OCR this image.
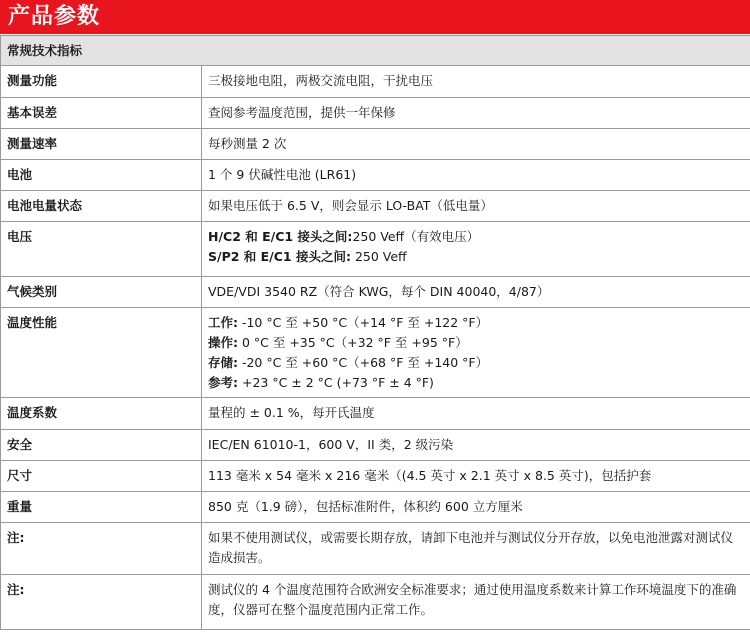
产品参数
常规技术指标	
测量功能	三极接地电阻，两极交流电阻，干扰电压
基本误差	查阅参考温度范围，提供一年保修
测量速率	每秒测量 2 次
电池	1 个 9 伏碱性电池 (LR61)
电池电量状态	如果电压低于 6.5 V，则会显示 LO-BAT（低电量）
电压	H/C2 和 E/C1 接头之间:250 Veff（有效电压）
S/P2 和 E/C1 接头之间: 250 Veff

气候类别	VDE/VDI 3540 RZ（符合 KWG，每个 DIN 40040，4/87）
温度性能	工作: -10 °C 至 +50 °C（+14 °F 至 +122 °F）
操作: 0 °C 至 +35 °C（+32 °F 至 +95 °F）
存储: -20 °C 至 +60 °C（+68 °F 至 +140 °F）
参考: +23 °C ± 2 °C (+73 °F ± 4 °F)

温度系数	量程的 ± 0.1 %，每开氏温度
安全	IEC/EN 61010-1，600 V，II 类，2 级污染
尺寸	113 毫米 x 54 毫米 x 216 毫米（(4.5 英寸 x 2.1 英寸 x 8.5 英寸)，包括护套
重量	850 克（1.9 磅），包括标准附件，体积约 600 立方厘米
注:	如果不使用测试仪，或需要长期存放，请卸下电池并与测试仪分开存放，以免电池泄露对测试仪造成损害。
注:	测试仪的 4 个温度范围符合欧洲安全标准要求；通过使用温度系数来计算工作环境温度下的准确度，仪器可在整个温度范围内正常工作。
